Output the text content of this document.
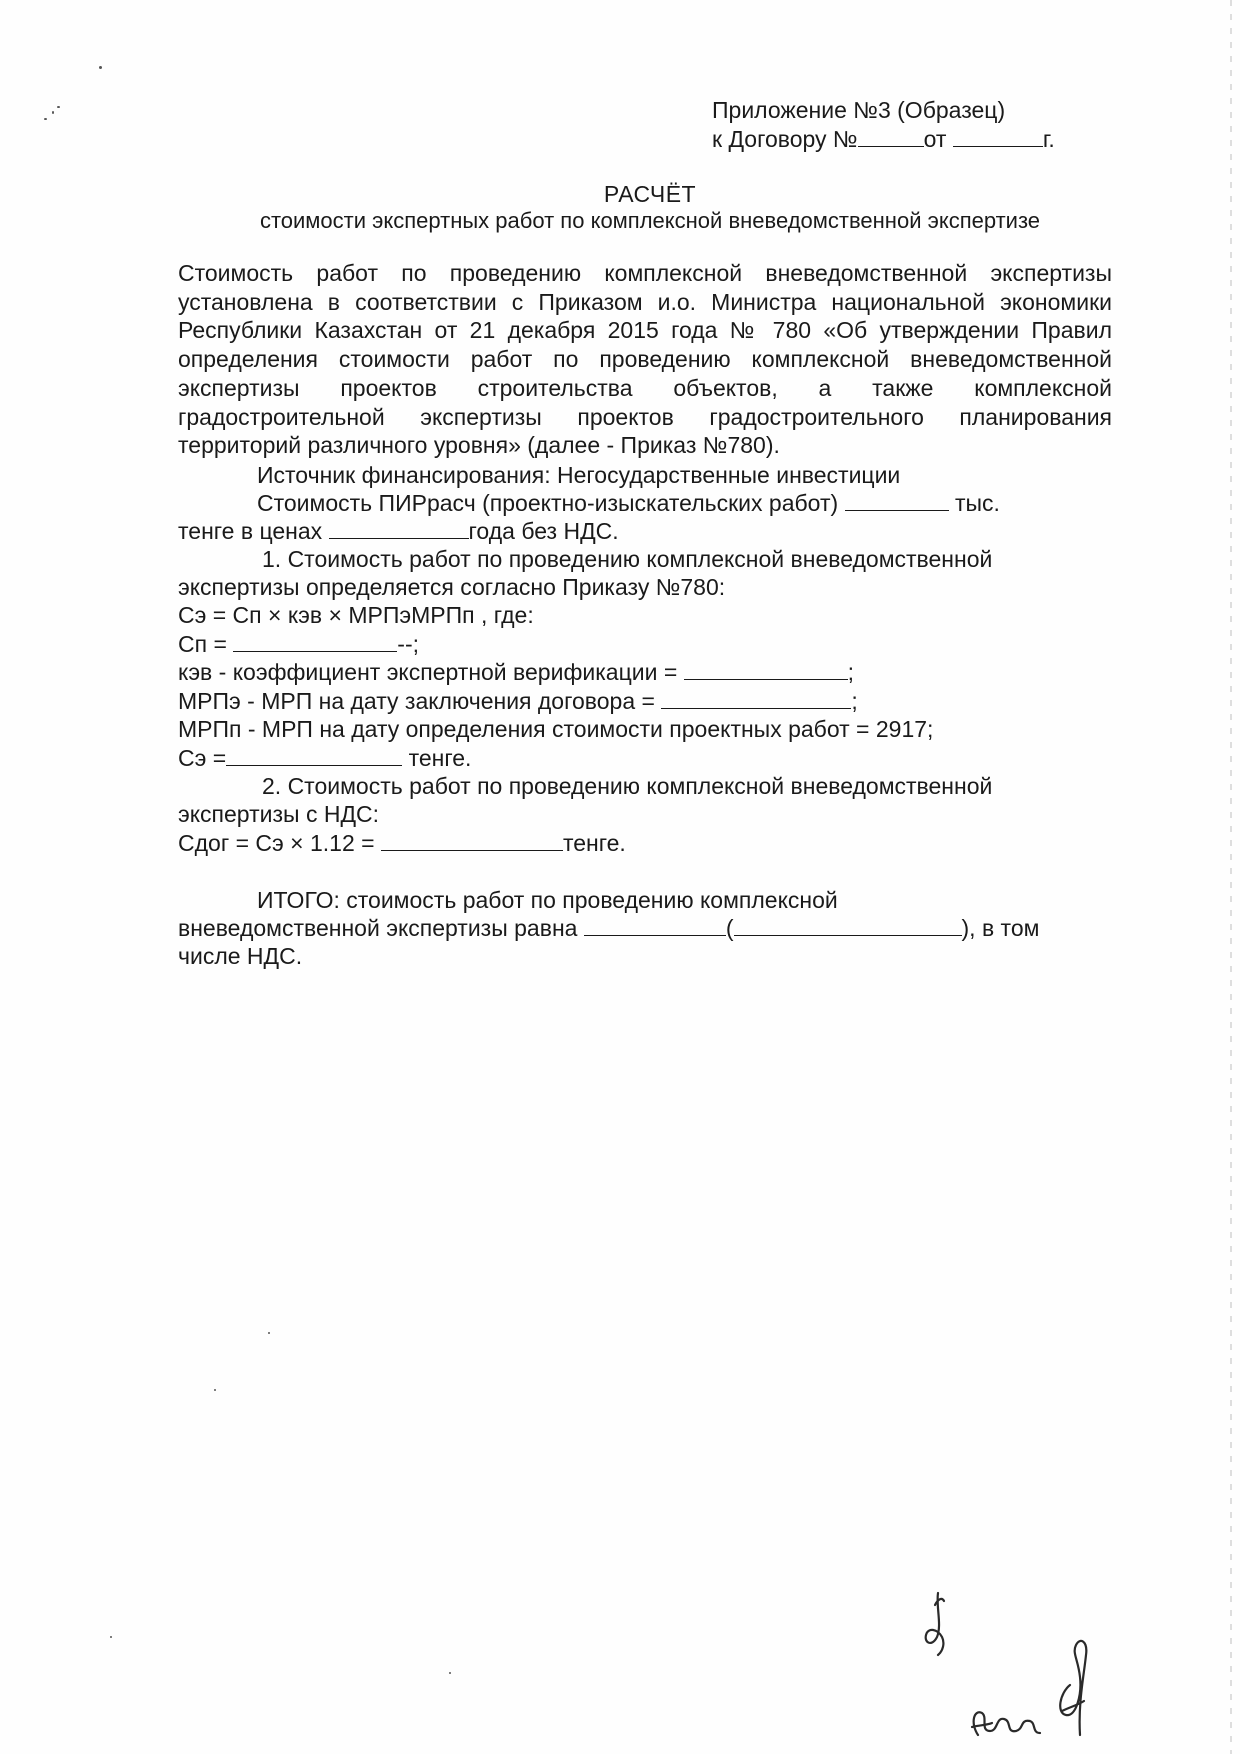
Приложение №3 (Образец)
к Договору №	от	г.
РАСЧЁТ
стоимости экспертных работ по комплексной вневедомственной экспертизе

Стоимость работ по проведению комплексной вневедомственной экспертизы установлена в соответствии с Приказом и.о. Министра национальной экономики Республики Казахстан от 21 декабря 2015 года № 780 «Об утверждении Правил определения стоимости работ по проведению комплексной вневедомственной экспертизы проектов строительства объектов, а также комплексной градостроительной экспертизы проектов градостроительного планирования территорий различного уровня» (далее - Приказ №780).

Источник финансирования: Негосударственные инвестиции

Стоимость ПИРрасч (проектно-изыскательских работ)	тыс.

тенге в ценах	года без НДС.

1. Стоимость работ по проведению комплексной вневедомственной

экспертизы определяется согласно Приказу №780:

Сэ = Сп × кэв × МРПэМРПп , где:

Сп =	--;

кэв - коэффициент экспертной верификации =	;

МРПэ - МРП на дату заключения договора =	;

МРПп - МРП на дату определения стоимости проектных работ = 2917;

Сэ =	тенге.

2. Стоимость работ по проведению комплексной вневедомственной

экспертизы с НДС:

Сдог = Сэ × 1.12 =	тенге.

ИТОГО: стоимость работ по проведению комплексной

вневедомственной экспертизы равна	(	), в том

числе НДС.
